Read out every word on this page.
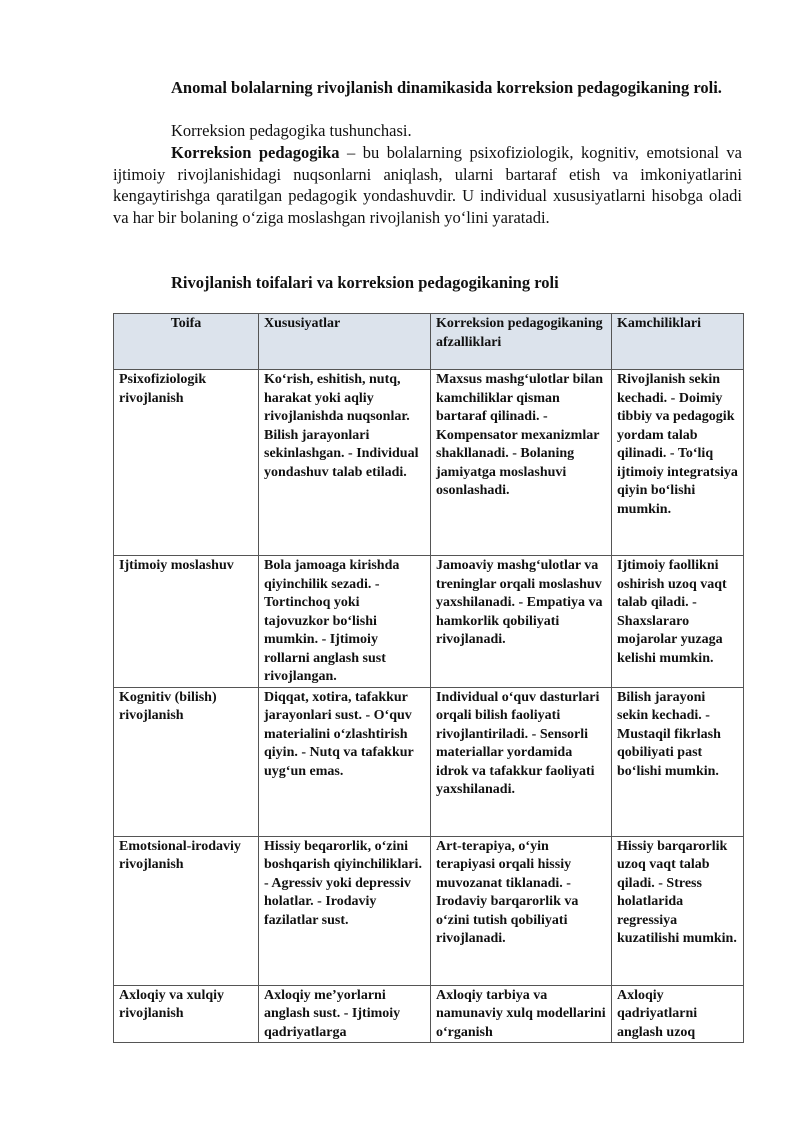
Anomal bolalarning rivojlanish dinamikasida korreksion pedagogikaning roli.

Korreksion pedagogika tushunchasi.

Korreksion pedagogika – bu bolalarning psixofiziologik, kognitiv, emotsional va ijtimoiy rivojlanishidagi nuqsonlarni aniqlash, ularni bartaraf etish va imkoniyatlarini kengaytirishga qaratilgan pedagogik yondashuvdir. U individual xususiyatlarni hisobga oladi va har bir bolaning o‘ziga moslashgan rivojlanish yo‘lini yaratadi.

Rivojlanish toifalari va korreksion pedagogikaning roli

Toifa	Xususiyatlar	Korreksion pedagogikaning afzalliklari	Kamchiliklari
Psixofiziologik rivojlanish	Ko‘rish, eshitish, nutq, harakat yoki aqliy rivojlanishda nuqsonlar. Bilish jarayonlari sekinlashgan. - Individual yondashuv talab etiladi.	Maxsus mashg‘ulotlar bilan kamchiliklar qisman bartaraf qilinadi. - Kompensator mexanizmlar shakllanadi. - Bolaning jamiyatga moslashuvi osonlashadi.	Rivojlanish sekin kechadi. - Doimiy tibbiy va pedagogik yordam talab qilinadi. - To‘liq ijtimoiy integratsiya qiyin bo‘lishi mumkin.
Ijtimoiy moslashuv	Bola jamoaga kirishda qiyinchilik sezadi. - Tortinchoq yoki tajovuzkor bo‘lishi mumkin. - Ijtimoiy rollarni anglash sust rivojlangan.	Jamoaviy mashg‘ulotlar va treninglar orqali moslashuv yaxshilanadi. - Empatiya va hamkorlik qobiliyati rivojlanadi.	Ijtimoiy faollikni oshirish uzoq vaqt talab qiladi. - Shaxslararo mojarolar yuzaga kelishi mumkin.
Kognitiv (bilish) rivojlanish	Diqqat, xotira, tafakkur jarayonlari sust. - O‘quv materialini o‘zlashtirish qiyin. - Nutq va tafakkur uyg‘un emas.	Individual o‘quv dasturlari orqali bilish faoliyati rivojlantiriladi. - Sensorli materiallar yordamida idrok va tafakkur faoliyati yaxshilanadi.	Bilish jarayoni sekin kechadi. - Mustaqil fikrlash qobiliyati past bo‘lishi mumkin.
Emotsional-irodaviy rivojlanish	Hissiy beqarorlik, o‘zini boshqarish qiyinchiliklari. - Agressiv yoki depressiv holatlar. - Irodaviy fazilatlar sust.	Art-terapiya, o‘yin terapiyasi orqali hissiy muvozanat tiklanadi. - Irodaviy barqarorlik va o‘zini tutish qobiliyati rivojlanadi.	Hissiy barqarorlik uzoq vaqt talab qiladi. - Stress holatlarida regressiya kuzatilishi mumkin.
Axloqiy va xulqiy rivojlanish	Axloqiy me’yorlarni anglash sust. - Ijtimoiy qadriyatlarga	Axloqiy tarbiya va namunaviy xulq modellarini o‘rganish	Axloqiy qadriyatlarni anglash uzoq
